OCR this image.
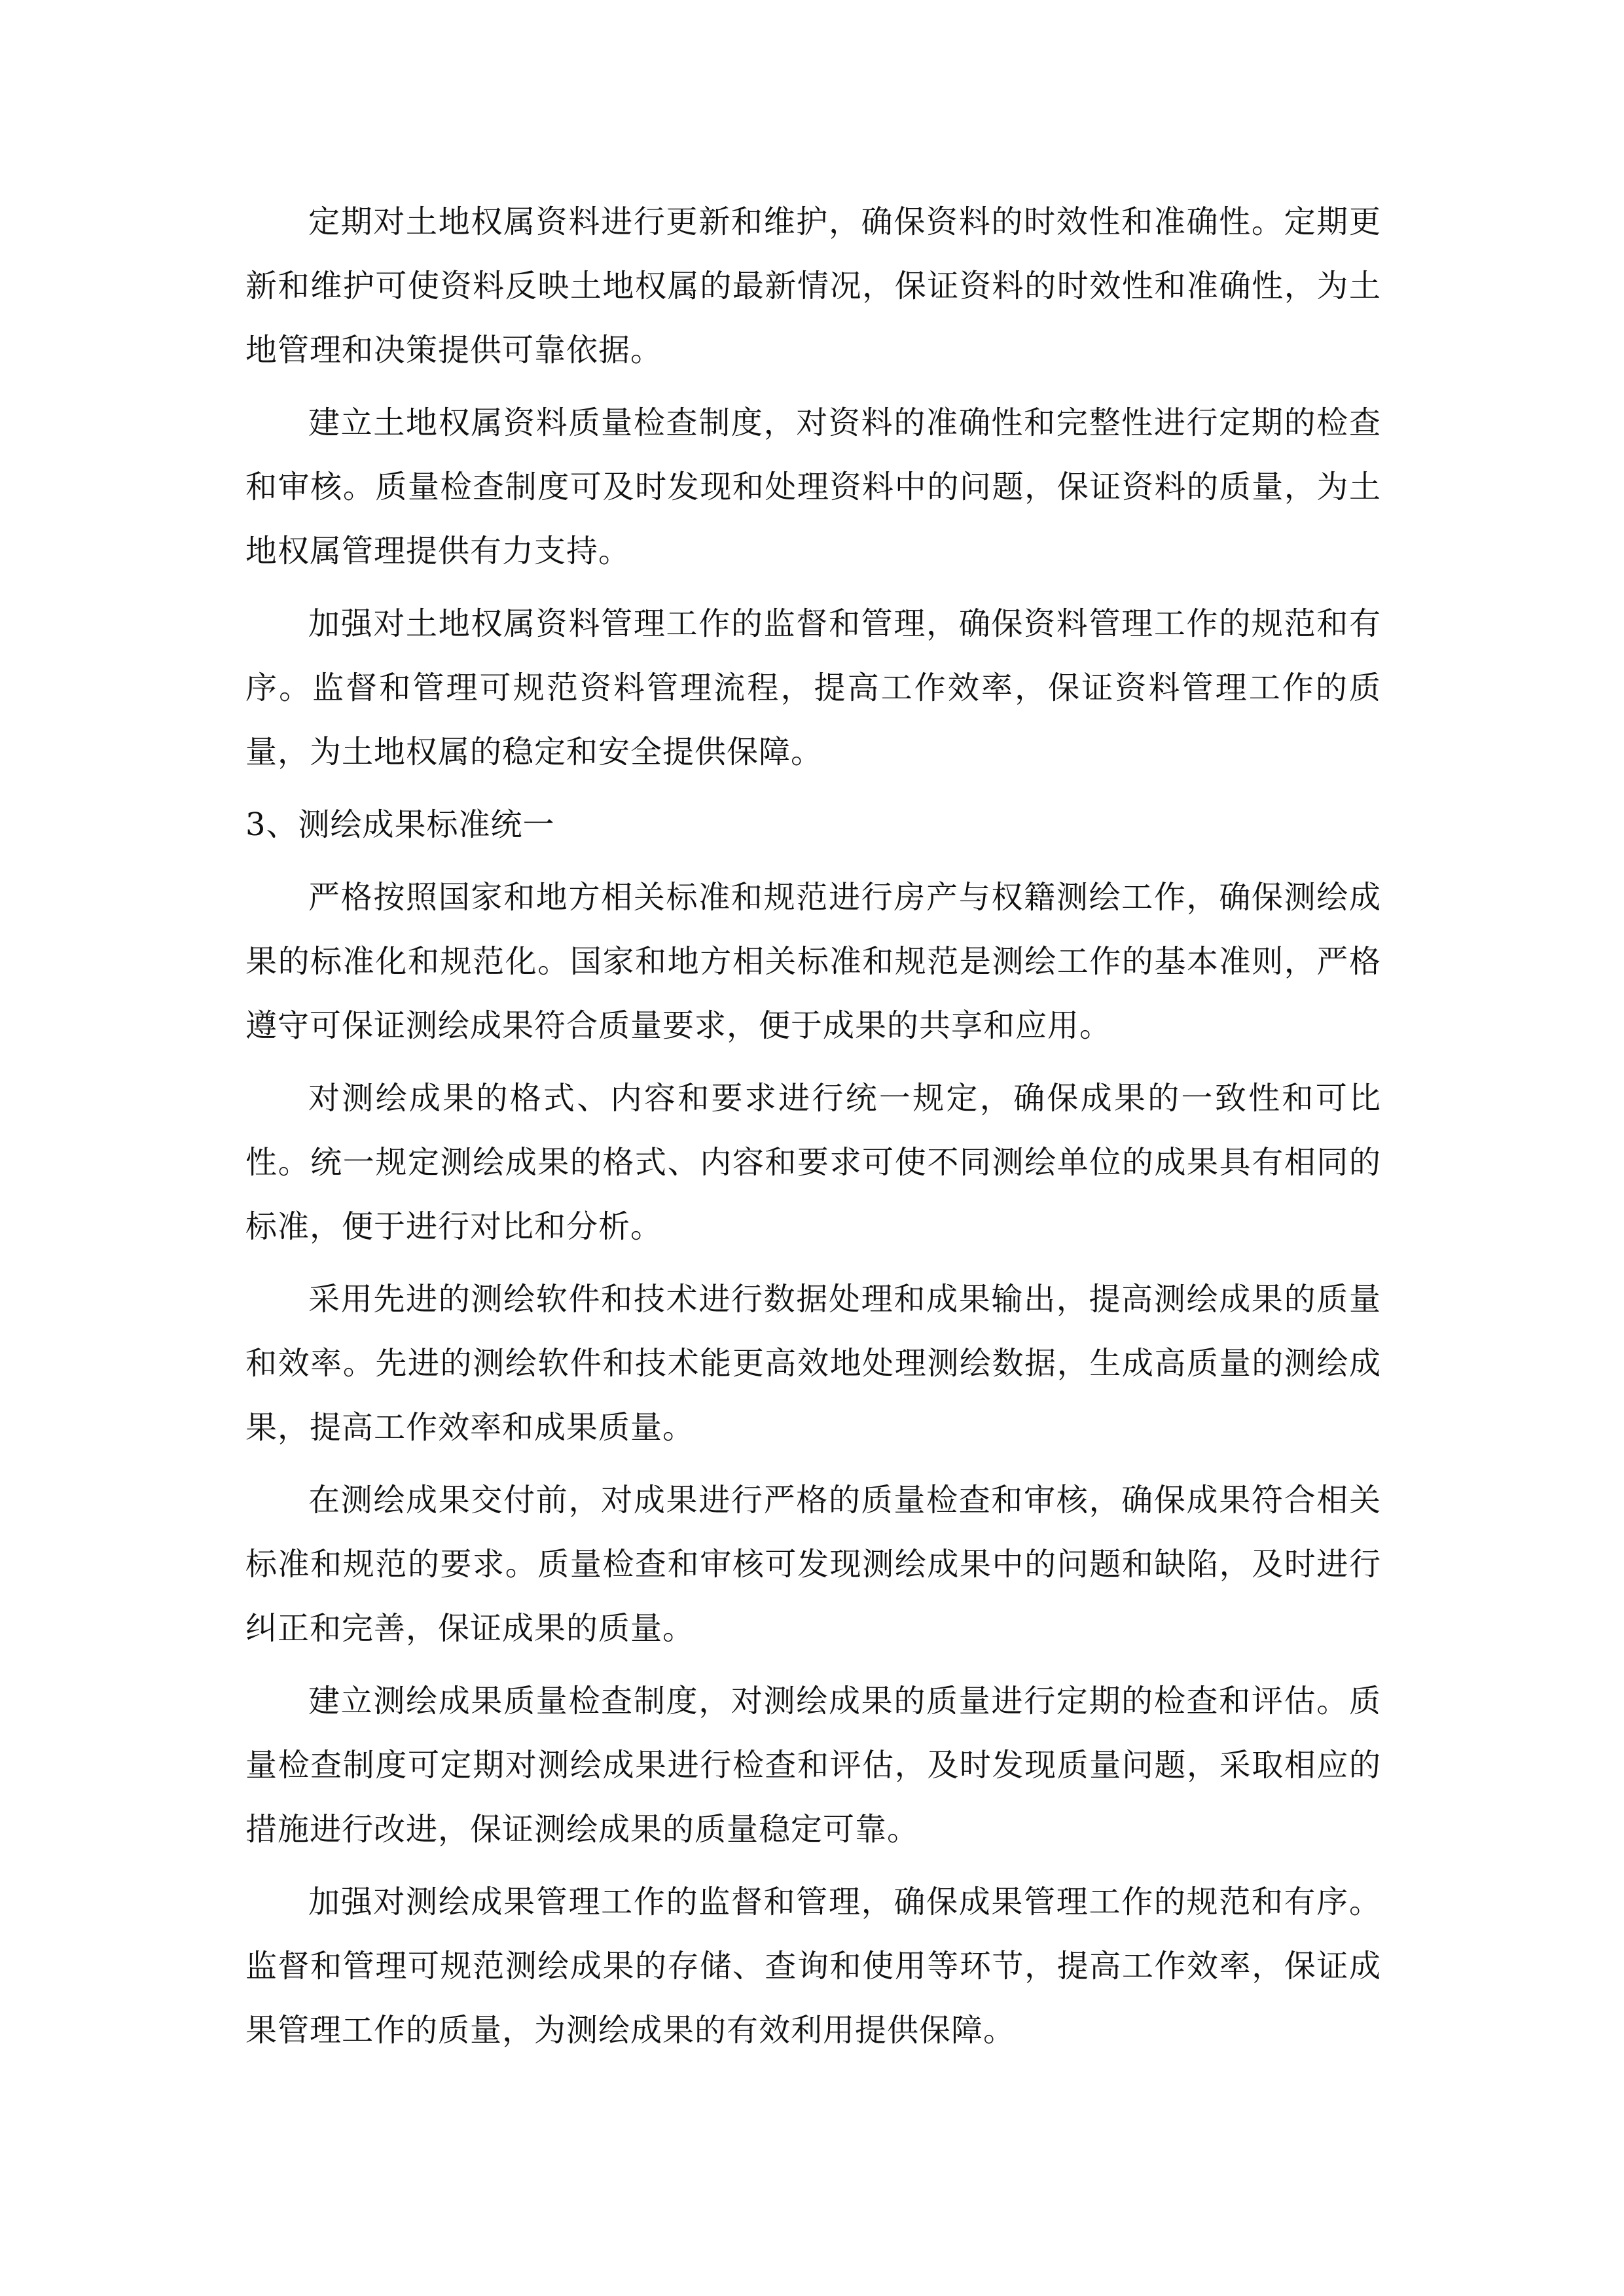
定期对土地权属资料进行更新和维护，确保资料的时效性和准确性。定期更新和维护可使资料反映土地权属的最新情况，保证资料的时效性和准确性，为土地管理和决策提供可靠依据。

建立土地权属资料质量检查制度，对资料的准确性和完整性进行定期的检查和审核。质量检查制度可及时发现和处理资料中的问题，保证资料的质量，为土地权属管理提供有力支持。

加强对土地权属资料管理工作的监督和管理，确保资料管理工作的规范和有序。监督和管理可规范资料管理流程，提高工作效率，保证资料管理工作的质量，为土地权属的稳定和安全提供保障。

3、测绘成果标准统一

严格按照国家和地方相关标准和规范进行房产与权籍测绘工作，确保测绘成果的标准化和规范化。国家和地方相关标准和规范是测绘工作的基本准则，严格遵守可保证测绘成果符合质量要求，便于成果的共享和应用。

对测绘成果的格式、内容和要求进行统一规定，确保成果的一致性和可比性。统一规定测绘成果的格式、内容和要求可使不同测绘单位的成果具有相同的标准，便于进行对比和分析。

采用先进的测绘软件和技术进行数据处理和成果输出，提高测绘成果的质量和效率。先进的测绘软件和技术能更高效地处理测绘数据，生成高质量的测绘成果，提高工作效率和成果质量。

在测绘成果交付前，对成果进行严格的质量检查和审核，确保成果符合相关标准和规范的要求。质量检查和审核可发现测绘成果中的问题和缺陷，及时进行纠正和完善，保证成果的质量。

建立测绘成果质量检查制度，对测绘成果的质量进行定期的检查和评估。质量检查制度可定期对测绘成果进行检查和评估，及时发现质量问题，采取相应的措施进行改进，保证测绘成果的质量稳定可靠。

加强对测绘成果管理工作的监督和管理，确保成果管理工作的规范和有序。监督和管理可规范测绘成果的存储、查询和使用等环节，提高工作效率，保证成果管理工作的质量，为测绘成果的有效利用提供保障。
